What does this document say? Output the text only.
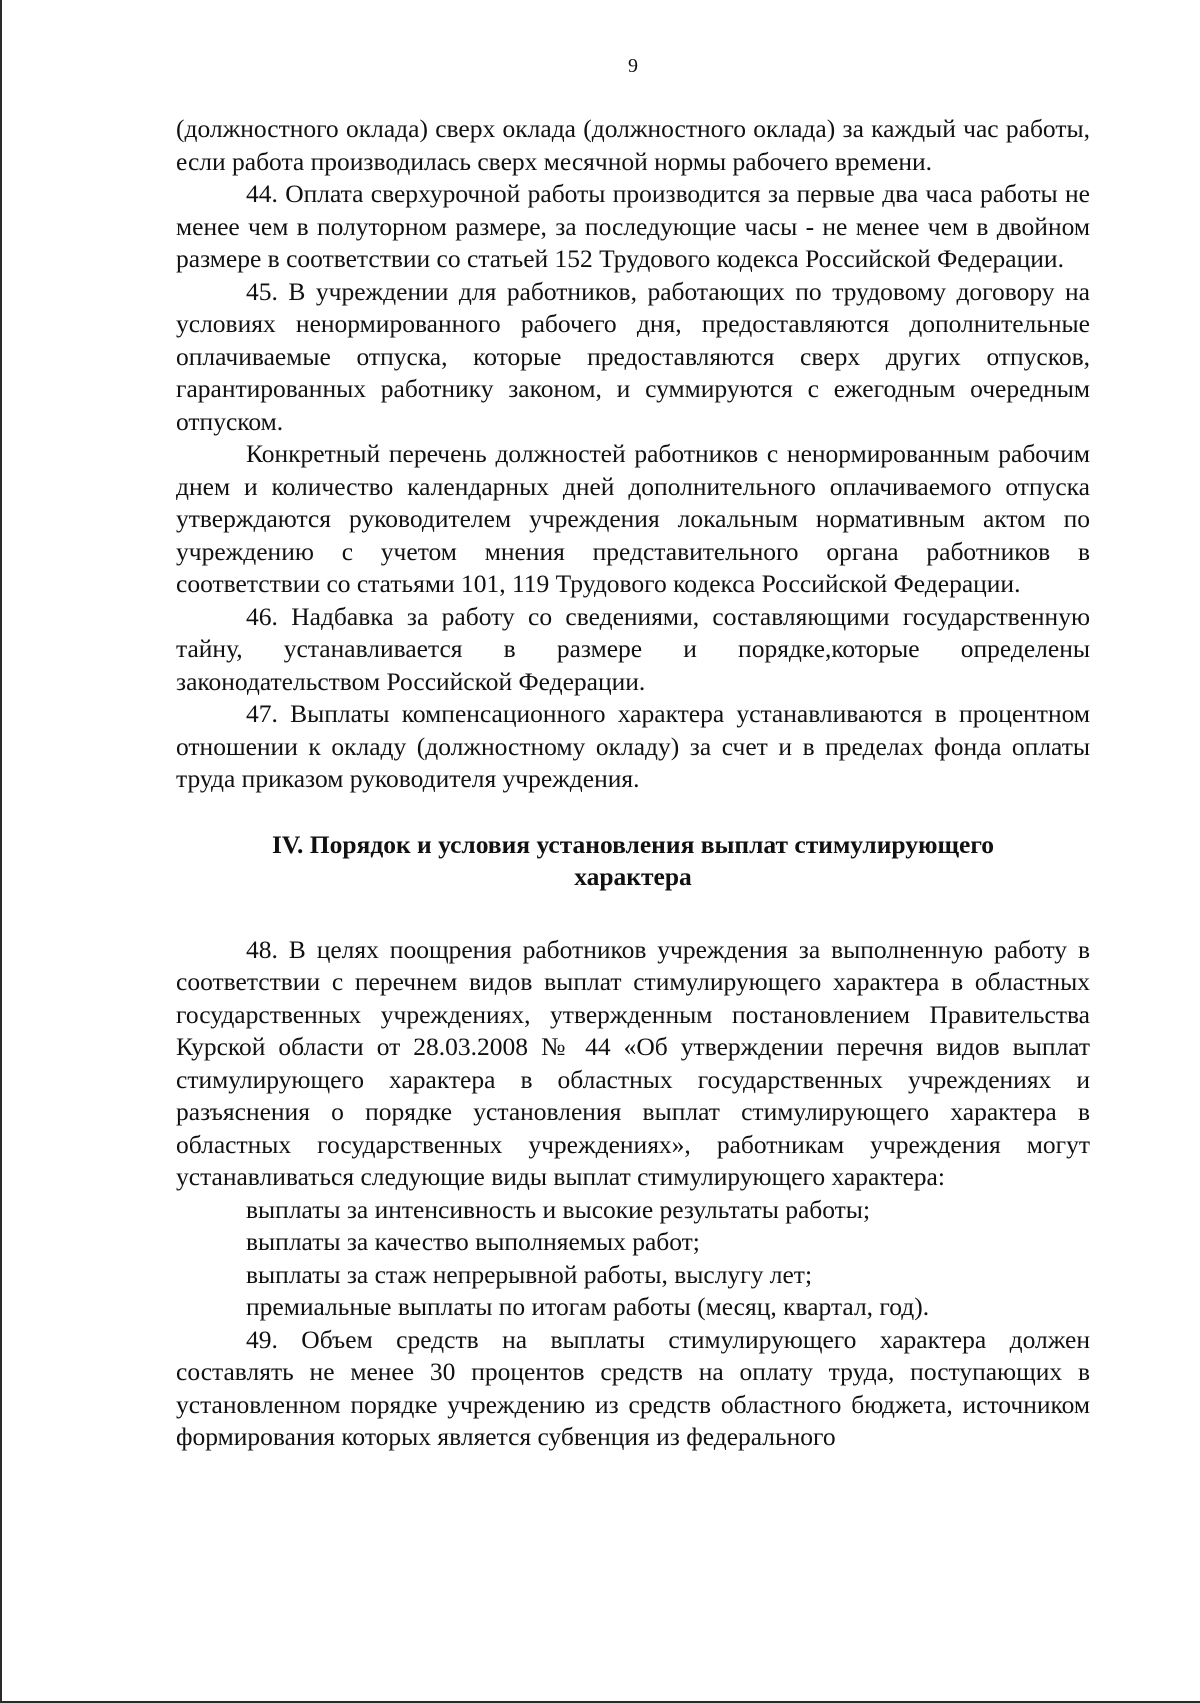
9

(должностного оклада) сверх оклада (должностного оклада) за каждый час работы, если работа производилась сверх месячной нормы рабочего времени.

44. Оплата сверхурочной работы производится за первые два часа работы не менее чем в полуторном размере, за последующие часы - не менее чем в двойном размере в соответствии со статьей 152 Трудового кодекса Российской Федерации.

45. В учреждении для работников, работающих по трудовому договору на условиях ненормированного рабочего дня, предоставляются дополнительные оплачиваемые отпуска, которые предоставляются сверх других отпусков, гарантированных работнику законом, и суммируются с ежегодным очередным отпуском.

Конкретный перечень должностей работников с ненормированным рабочим днем и количество календарных дней дополнительного оплачиваемого отпуска утверждаются руководителем учреждения локальным нормативным актом по учреждению с учетом мнения представительного органа работников в соответствии со статьями 101, 119 Трудового кодекса Российской Федерации.

46. Надбавка за работу со сведениями, составляющими государственную тайну, устанавливается в размере и порядке,которые определены законодательством Российской Федерации.

47. Выплаты компенсационного характера устанавливаются в процентном отношении к окладу (должностному окладу) за счет и в пределах фонда оплаты труда приказом руководителя учреждения.

IV. Порядок и условия установления выплат стимулирующего характера

48. В целях поощрения работников учреждения за выполненную работу в соответствии с перечнем видов выплат стимулирующего характера в областных государственных учреждениях, утвержденным постановлением Правительства Курской области от 28.03.2008 № 44 «Об утверждении перечня видов выплат стимулирующего характера в областных государственных учреждениях и разъяснения о порядке установления выплат стимулирующего характера в областных государственных учреждениях», работникам учреждения могут устанавливаться следующие виды выплат стимулирующего характера:

выплаты за интенсивность и высокие результаты работы;

выплаты за качество выполняемых работ;

выплаты за стаж непрерывной работы, выслугу лет;

премиальные выплаты по итогам работы (месяц, квартал, год).

49. Объем средств на выплаты стимулирующего характера должен составлять не менее 30 процентов средств на оплату труда, поступающих в установленном порядке учреждению из средств областного бюджета, источником формирования которых является субвенция из федерального
